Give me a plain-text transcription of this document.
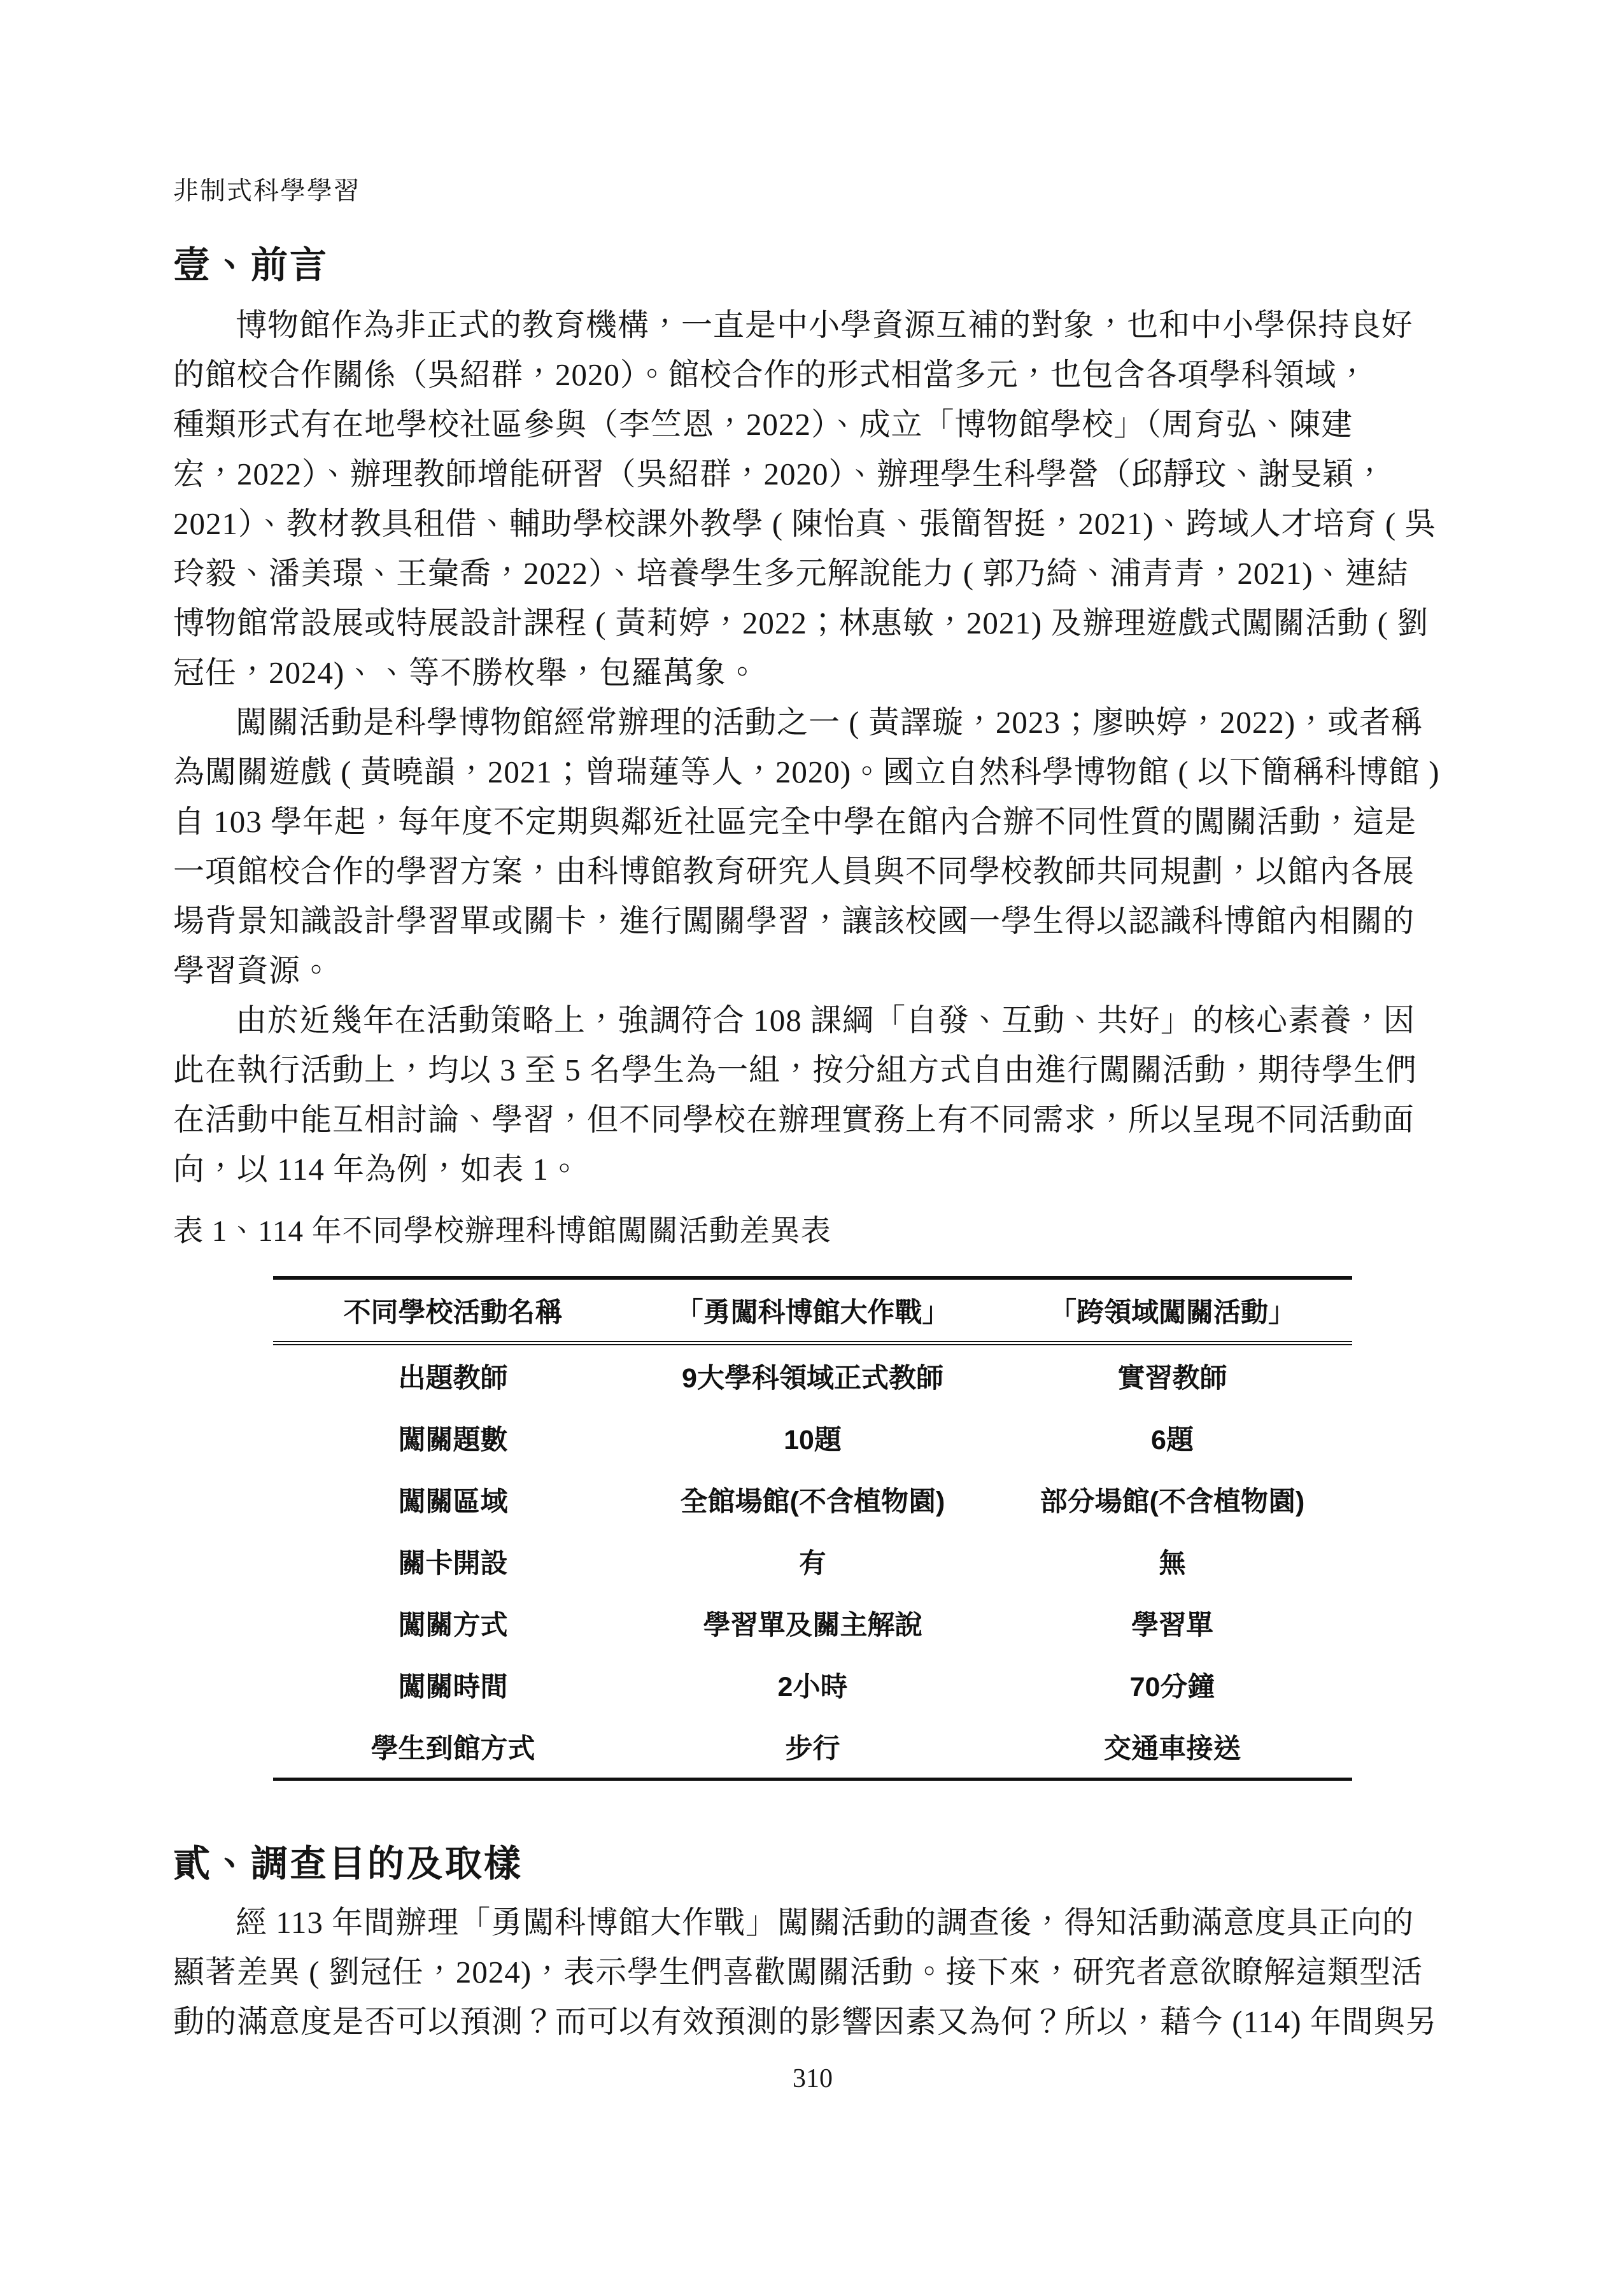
非制式科學學習
壹、前言
博物館作為非正式的教育機構，一直是中小學資源互補的對象，也和中小學保持良好
的館校合作關係（吳紹群，2020）。館校合作的形式相當多元，也包含各項學科領域，
種類形式有在地學校社區參與（李竺恩，2022）、成立「博物館學校」（周育弘、陳建
宏，2022）、辦理教師增能研習（吳紹群，2020）、辦理學生科學營（邱靜玟、謝旻穎，
2021）、教材教具租借、輔助學校課外教學 ( 陳怡真、張簡智挺，2021)、跨域人才培育 ( 吳
玲毅、潘美璟、王彙喬，2022）、培養學生多元解說能力 ( 郭乃綺、浦青青，2021)、連結
博物館常設展或特展設計課程 ( 黃莉婷，2022；林惠敏，2021) 及辦理遊戲式闖關活動 ( 劉
冠任，2024)、、等不勝枚舉，包羅萬象。
闖關活動是科學博物館經常辦理的活動之一 ( 黃譯璇，2023；廖映婷，2022)，或者稱
為闖關遊戲 ( 黃曉韻，2021；曾瑞蓮等人，2020)。國立自然科學博物館 ( 以下簡稱科博館 )
自 103 學年起，每年度不定期與鄰近社區完全中學在館內合辦不同性質的闖關活動，這是
一項館校合作的學習方案，由科博館教育研究人員與不同學校教師共同規劃，以館內各展
場背景知識設計學習單或關卡，進行闖關學習，讓該校國一學生得以認識科博館內相關的
學習資源。
由於近幾年在活動策略上，強調符合 108 課綱「自發、互動、共好」的核心素養，因
此在執行活動上，均以 3 至 5 名學生為一組，按分組方式自由進行闖關活動，期待學生們
在活動中能互相討論、學習，但不同學校在辦理實務上有不同需求，所以呈現不同活動面
向，以 114 年為例，如表 1。
表 1、114 年不同學校辦理科博館闖關活動差異表
不同學校活動名稱	「勇闖科博館大作戰」	「跨領域闖關活動」
出題教師	9大學科領域正式教師	實習教師
闖關題數	10題	6題
闖關區域	全館場館(不含植物園)	部分場館(不含植物園)
關卡開設	有	無
闖關方式	學習單及關主解說	學習單
闖關時間	2小時	70分鐘
學生到館方式	步行	交通車接送
貳、調查目的及取樣
經 113 年間辦理「勇闖科博館大作戰」闖關活動的調查後，得知活動滿意度具正向的
顯著差異 ( 劉冠任，2024)，表示學生們喜歡闖關活動。接下來，研究者意欲瞭解這類型活
動的滿意度是否可以預測？而可以有效預測的影響因素又為何？所以，藉今 (114) 年間與另
310
